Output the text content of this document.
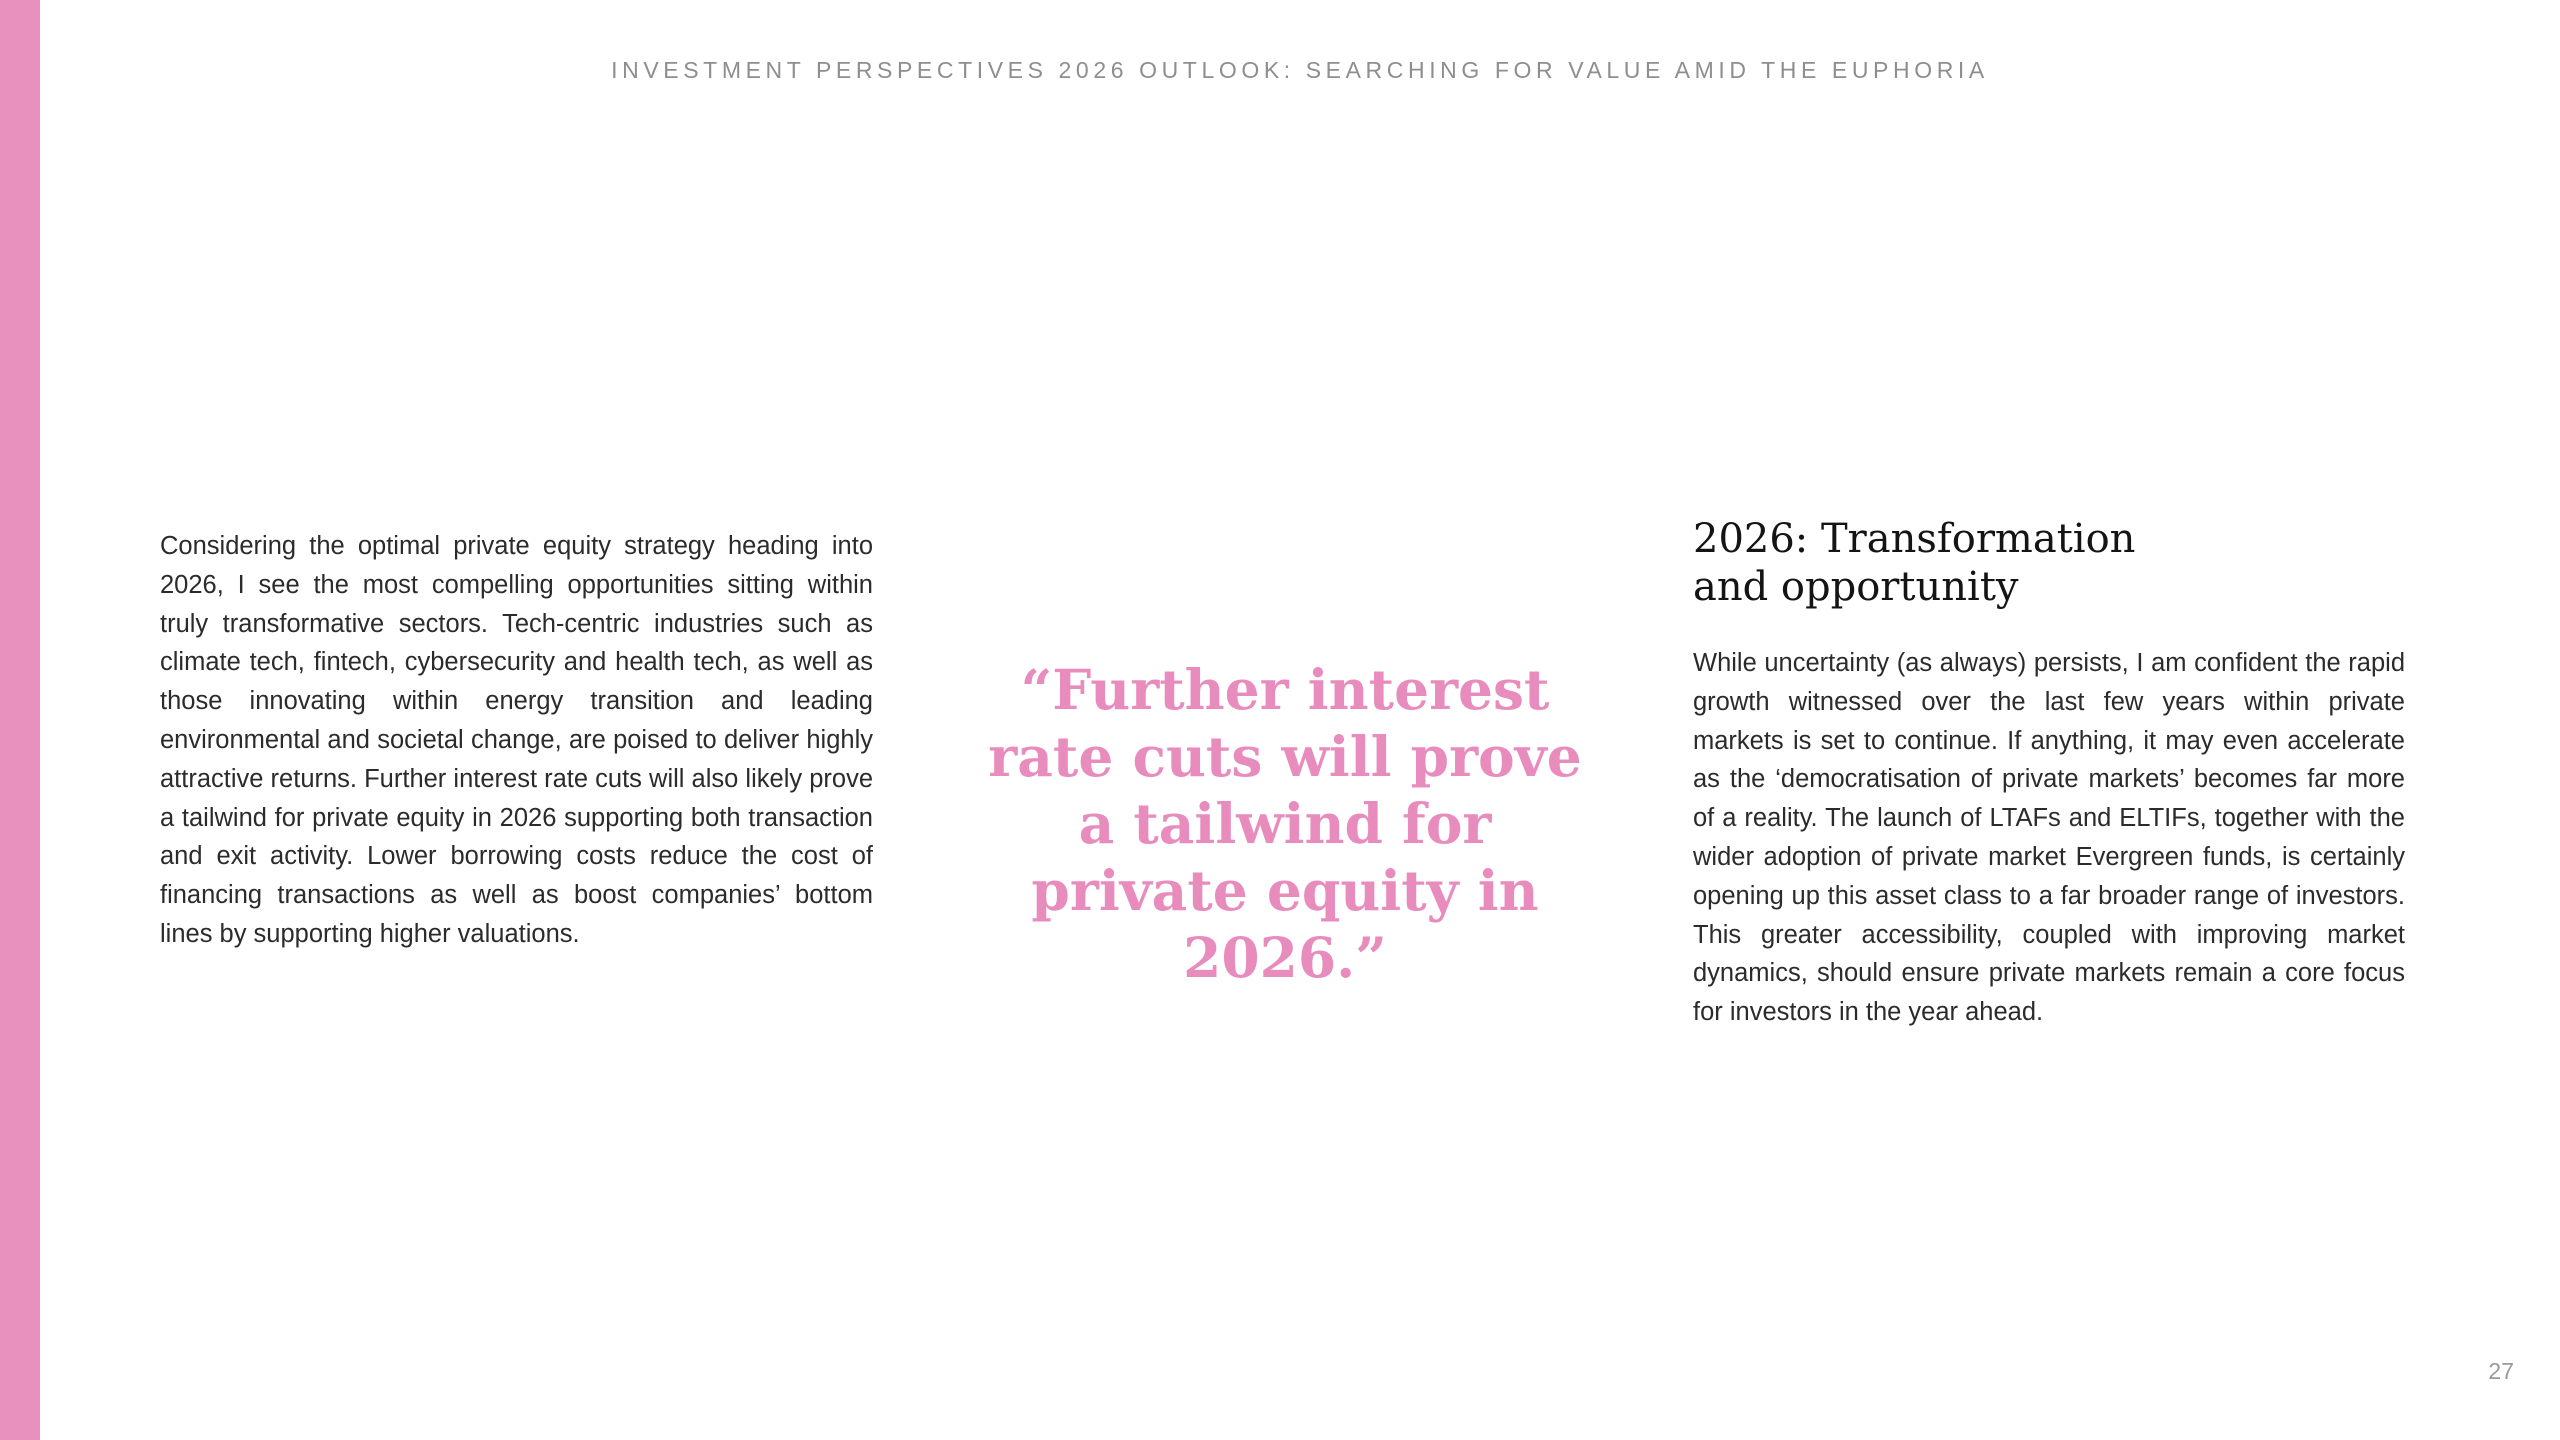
INVESTMENT PERSPECTIVES 2026 OUTLOOK: SEARCHING FOR VALUE AMID THE EUPHORIA

Considering the optimal private equity strategy heading into 2026, I see the most compelling opportunities sitting within truly transformative sectors. Tech-centric industries such as climate tech, fintech, cybersecurity and health tech, as well as those innovating within energy transition and leading environmental and societal change, are poised to deliver highly attractive returns. Further interest rate cuts will also likely prove a tailwind for private equity in 2026 supporting both transaction and exit activity. Lower borrowing costs reduce the cost of financing transactions as well as boost companies’ bottom lines by supporting higher valuations.

“Further interest rate cuts will prove a tailwind for private equity in 2026.”

2026: Transformation
and opportunity

While uncertainty (as always) persists, I am confident the rapid growth witnessed over the last few years within private markets is set to continue. If anything, it may even accelerate as the ‘democratisation of private markets’ becomes far more of a reality. The launch of LTAFs and ELTIFs, together with the wider adoption of private market Evergreen funds, is certainly opening up this asset class to a far broader range of investors. This greater accessibility, coupled with improving market dynamics, should ensure private markets remain a core focus for investors in the year ahead.

27
